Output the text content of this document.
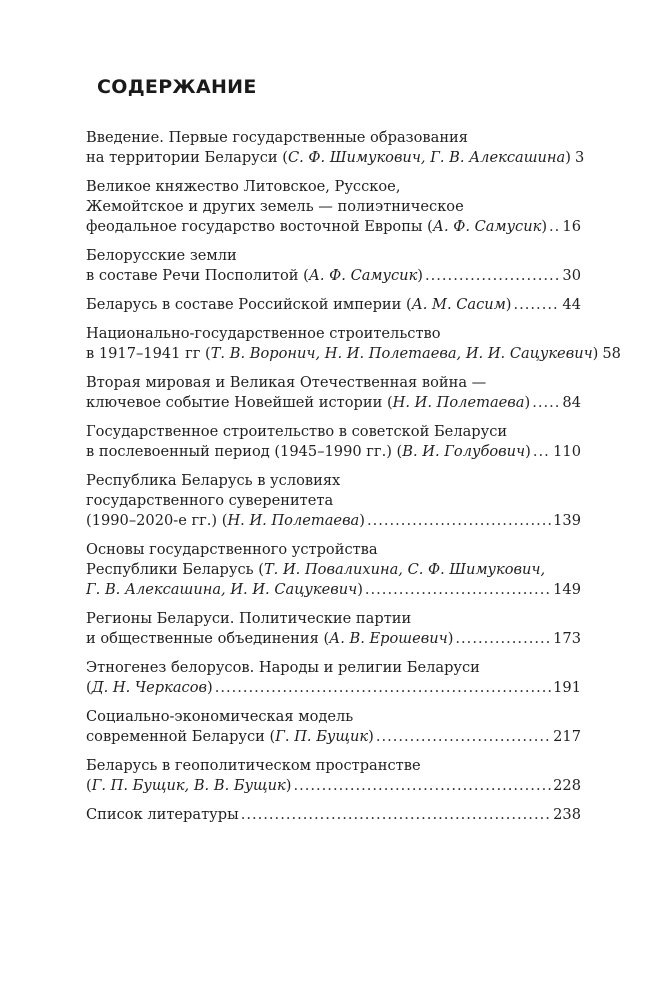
СОДЕРЖАНИЕ
Введение. Первые государственные образования
на территории Беларуси (С. Ф. Шимукович, Г. В. Алексашина) 3
Великое княжество Литовское, Русское,
Жемойтское и других земель — полиэтническое
феодальное государство восточной Европы (А. Ф. Самусик) ..... 16
Белорусские земли
в составе Речи Посполитой (А. Ф. Самусик) .....	30
Беларусь в составе Российской империи (А. М. Сасим) .....	44
Национально-государственное строительство
в 1917–1941 гг (Т. В. Воронич, Н. И. Полетаева, И. И. Сацукевич) 58
Вторая мировая и Великая Отечественная война —
ключевое событие Новейшей истории (Н. И. Полетаева) ..... 84
Государственное строительство в советской Беларуси
в послевоенный период (1945–1990 гг.) (В. И. Голубович) ..... 110
Республика Беларусь в условиях
государственного суверенитета
(1990–2020-е гг.) (Н. И. Полетаева) .....	139
Основы государственного устройства
Республики Беларусь (Т. И. Повалихина, С. Ф. Шимукович,
Г. В. Алексашина, И. И. Сацукевич) .....	149
Регионы Беларуси. Политические партии
и общественные объединения (А. В. Ерошевич) .....	173
Этногенез белорусов. Народы и религии Беларуси
(Д. Н. Черкасов) .....	191
Социально-экономическая модель
современной Беларуси (Г. П. Бущик) .....	217
Беларусь в геополитическом пространстве
(Г. П. Бущик, В. В. Бущик) .....	228
Список литературы .....	238
